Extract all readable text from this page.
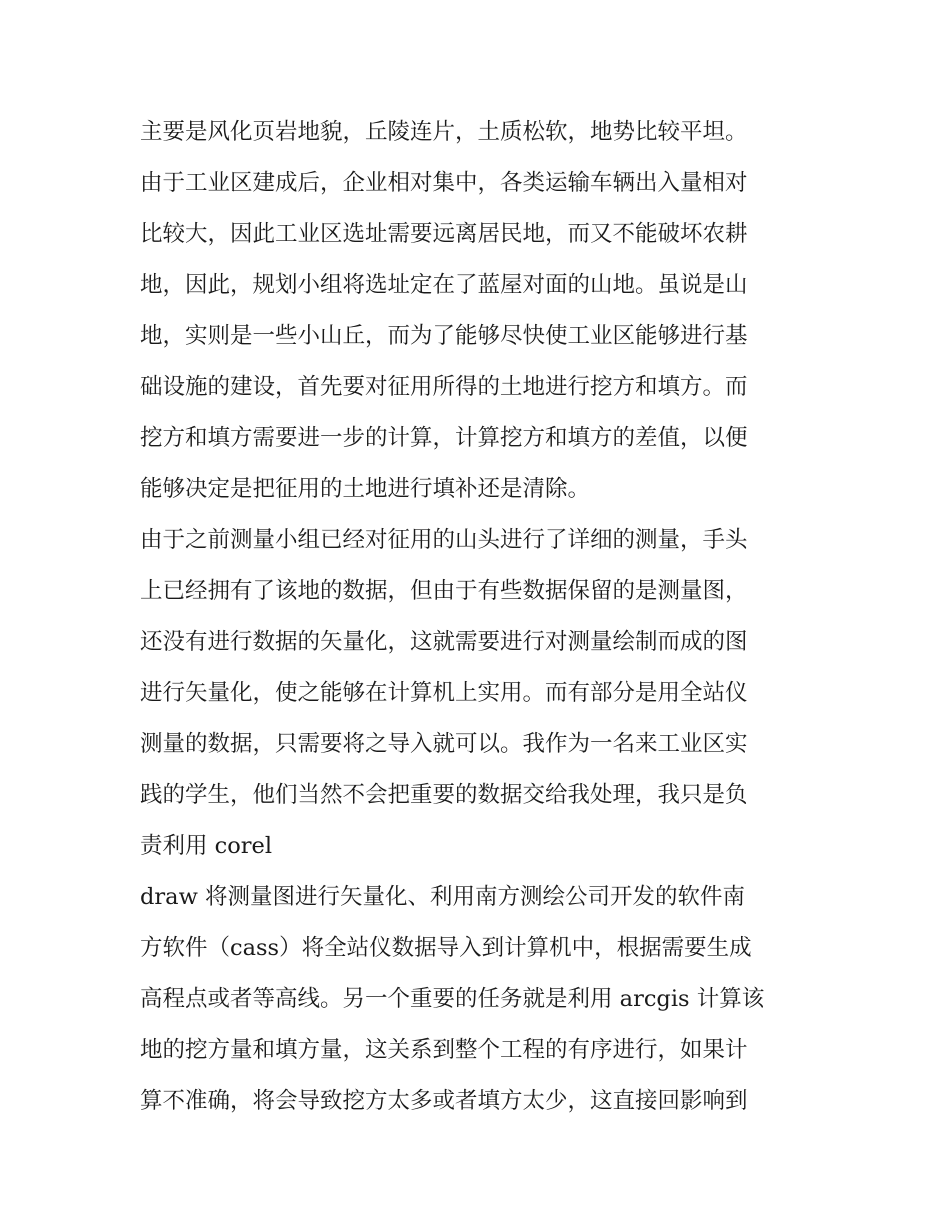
主要是风化页岩地貌，丘陵连片，土质松软，地势比较平坦。
由于工业区建成后，企业相对集中，各类运输车辆出入量相对
比较大，因此工业区选址需要远离居民地，而又不能破坏农耕
地，因此，规划小组将选址定在了蓝屋对面的山地。虽说是山
地，实则是一些小山丘，而为了能够尽快使工业区能够进行基
础设施的建设，首先要对征用所得的土地进行挖方和填方。而
挖方和填方需要进一步的计算，计算挖方和填方的差值，以便
能够决定是把征用的土地进行填补还是清除。
由于之前测量小组已经对征用的山头进行了详细的测量，手头
上已经拥有了该地的数据，但由于有些数据保留的是测量图，
还没有进行数据的矢量化，这就需要进行对测量绘制而成的图
进行矢量化，使之能够在计算机上实用。而有部分是用全站仪
测量的数据，只需要将之导入就可以。我作为一名来工业区实
践的学生，他们当然不会把重要的数据交给我处理，我只是负
责利用 corel
draw 将测量图进行矢量化、利用南方测绘公司开发的软件南
方软件（cass）将全站仪数据导入到计算机中，根据需要生成
高程点或者等高线。另一个重要的任务就是利用 arcgis 计算该
地的挖方量和填方量，这关系到整个工程的有序进行，如果计
算不准确，将会导致挖方太多或者填方太少，这直接回影响到
